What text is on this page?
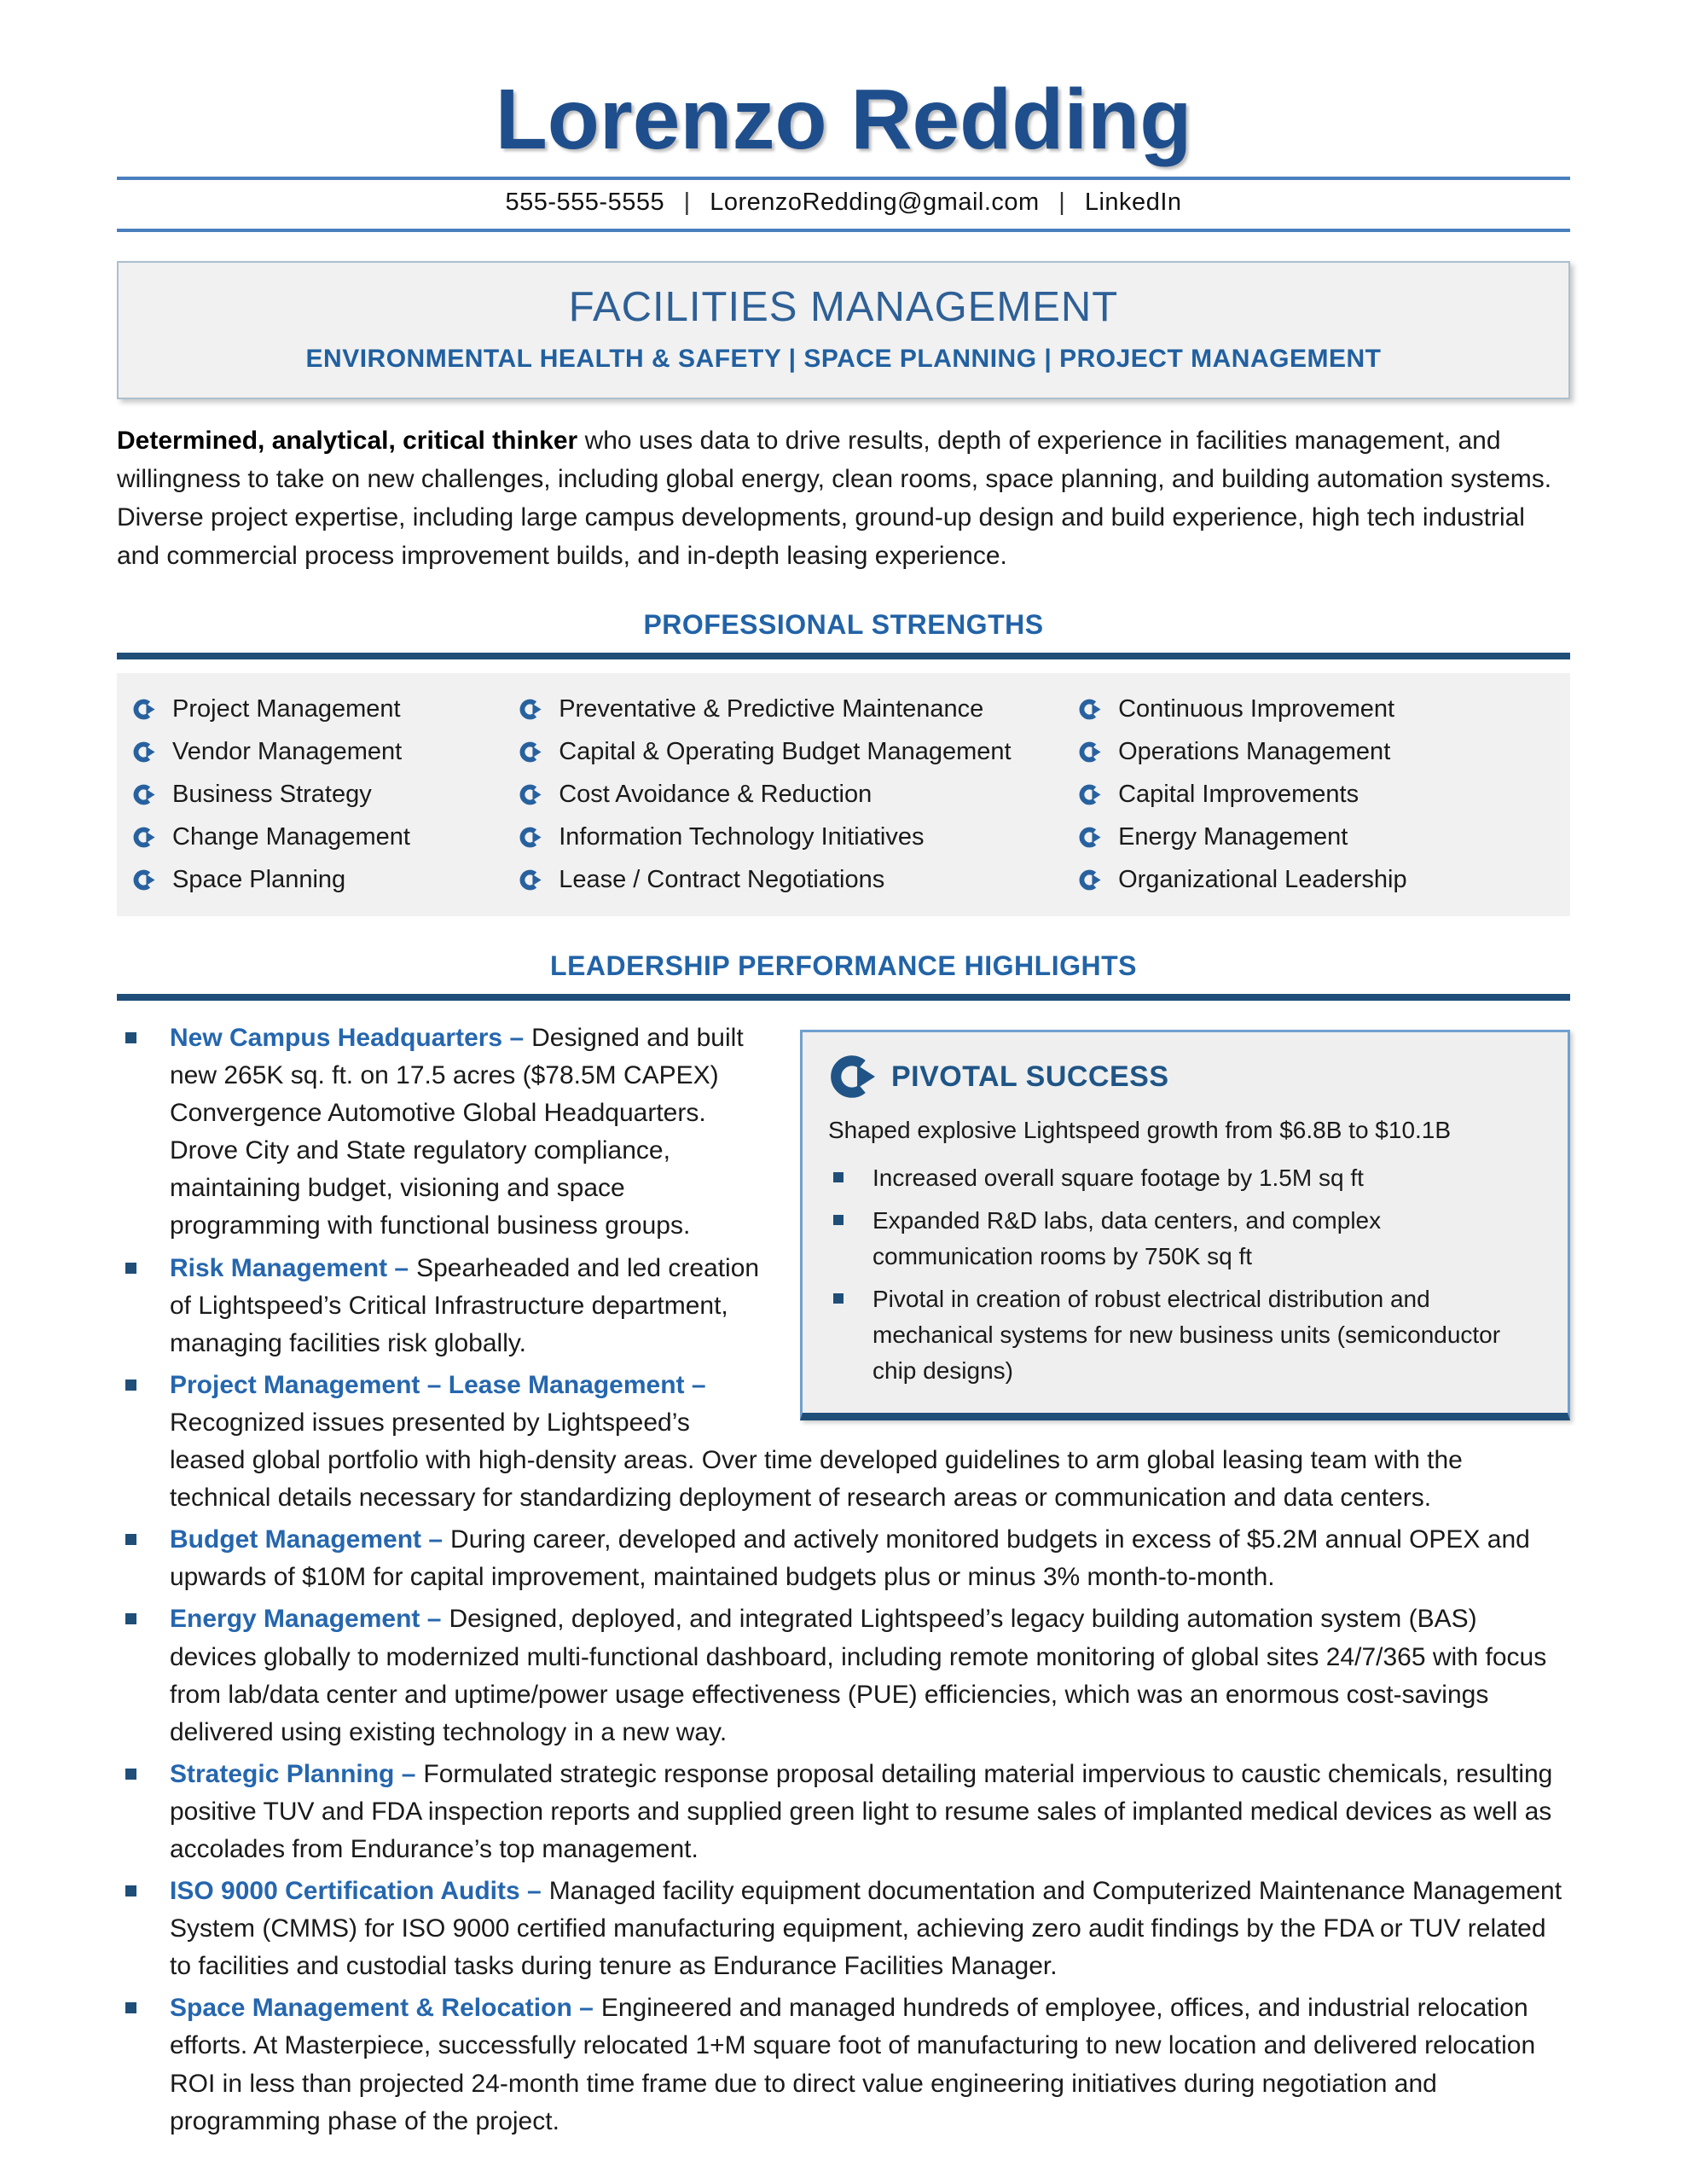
Lorenzo Redding
555-555-5555 | LorenzoRedding@gmail.com | LinkedIn
FACILITIES MANAGEMENT
ENVIRONMENTAL HEALTH & SAFETY | SPACE PLANNING | PROJECT MANAGEMENT

Determined, analytical, critical thinker who uses data to drive results, depth of experience in facilities management, and willingness to take on new challenges, including global energy, clean rooms, space planning, and building automation systems. Diverse project expertise, including large campus developments, ground-up design and build experience, high tech industrial and commercial process improvement builds, and in-depth leasing experience.

PROFESSIONAL STRENGTHS
Project Management
Vendor Management
Business Strategy
Change Management
Space Planning
Preventative & Predictive Maintenance
Capital & Operating Budget Management
Cost Avoidance & Reduction
Information Technology Initiatives
Lease / Contract Negotiations
Continuous Improvement
Operations Management
Capital Improvements
Energy Management
Organizational Leadership
LEADERSHIP PERFORMANCE HIGHLIGHTS
PIVOTAL SUCCESS
Shaped explosive Lightspeed growth from $6.8B to $10.1B
Increased overall square footage by 1.5M sq ft
Expanded R&D labs, data centers, and complex communication rooms by 750K sq ft
Pivotal in creation of robust electrical distribution and mechanical systems for new business units (semiconductor chip designs)
New Campus Headquarters – Designed and built new 265K sq. ft. on 17.5 acres ($78.5M CAPEX) Convergence Automotive Global Headquarters. Drove City and State regulatory compliance, maintaining budget, visioning and space programming with functional business groups.
Risk Management – Spearheaded and led creation of Lightspeed’s Critical Infrastructure department, managing facilities risk globally.
Project Management – Lease Management –Recognized issues presented by Lightspeed’s leased global portfolio with high-density areas. Over time developed guidelines to arm global leasing team with the technical details necessary for standardizing deployment of research areas or communication and data centers.
Budget Management – During career, developed and actively monitored budgets in excess of $5.2M annual OPEX and upwards of $10M for capital improvement, maintained budgets plus or minus 3% month-to-month.
Energy Management – Designed, deployed, and integrated Lightspeed’s legacy building automation system (BAS) devices globally to modernized multi-functional dashboard, including remote monitoring of global sites 24/7/365 with focus from lab/data center and uptime/power usage effectiveness (PUE) efficiencies, which was an enormous cost-savings delivered using existing technology in a new way.
Strategic Planning – Formulated strategic response proposal detailing material impervious to caustic chemicals, resulting positive TUV and FDA inspection reports and supplied green light to resume sales of implanted medical devices as well as accolades from Endurance’s top management.
ISO 9000 Certification Audits – Managed facility equipment documentation and Computerized Maintenance Management System (CMMS) for ISO 9000 certified manufacturing equipment, achieving zero audit findings by the FDA or TUV related to facilities and custodial tasks during tenure as Endurance Facilities Manager.
Space Management & Relocation – Engineered and managed hundreds of employee, offices, and industrial relocation efforts. At Masterpiece, successfully relocated 1+M square foot of manufacturing to new location and delivered relocation ROI in less than projected 24-month time frame due to direct value engineering initiatives during negotiation and programming phase of the project.
